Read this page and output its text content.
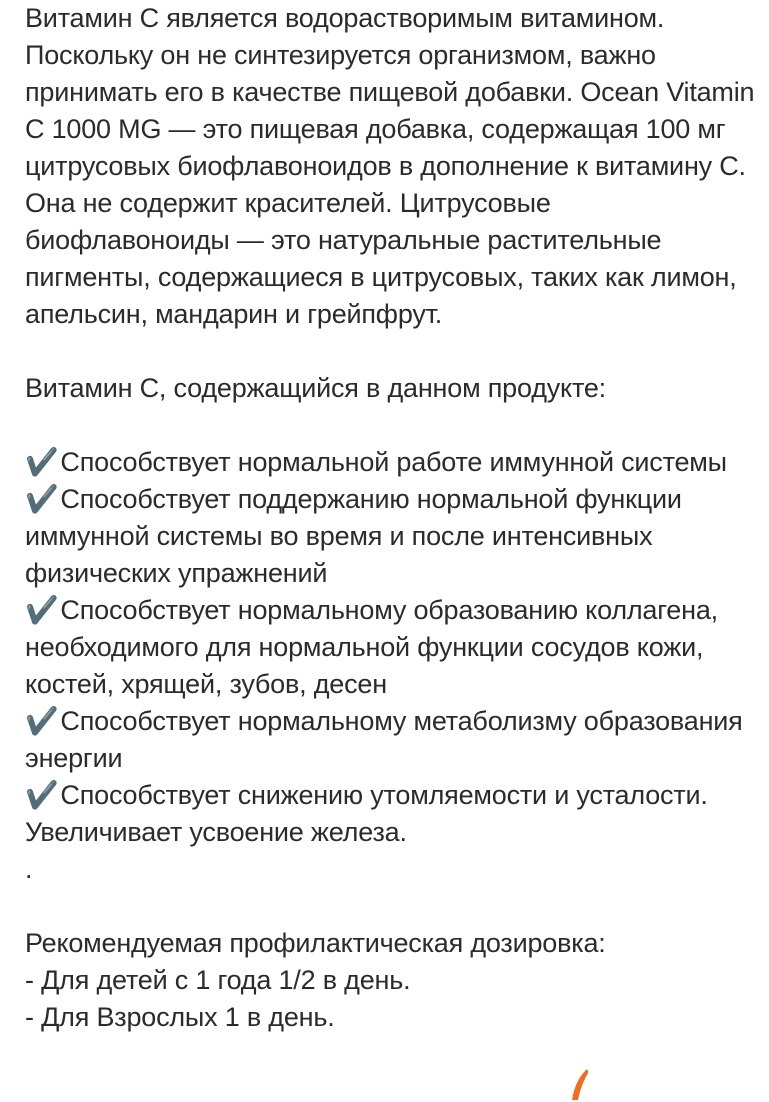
Витамин С является водорастворимым витамином. Поскольку он не синтезируется организмом, важно принимать его в качестве пищевой добавки. Ocean Vitamin C 1000 MG — это пищевая добавка, содержащая 100 мг цитрусовых биофлавоноидов в дополнение к витамину С. Она не содержит красителей. Цитрусовые биофлавоноиды — это натуральные растительные пигменты, содержащиеся в цитрусовых, таких как лимон, апельсин, мандарин и грейпфрут.

Витамин С, содержащийся в данном продукте:

✔️Способствует нормальной работе иммунной системы

✔️Способствует поддержанию нормальной функции иммунной системы во время и после интенсивных физических упражнений

✔️Способствует нормальному образованию коллагена, необходимого для нормальной функции сосудов кожи, костей, хрящей, зубов, десен

✔️Способствует нормальному метаболизму образования энергии

✔️Способствует снижению утомляемости и усталости. Увеличивает усвоение железа.

.

Рекомендуемая профилактическая дозировка:

- Для детей с 1 года 1/2 в день.

- Для Взрослых 1 в день.
